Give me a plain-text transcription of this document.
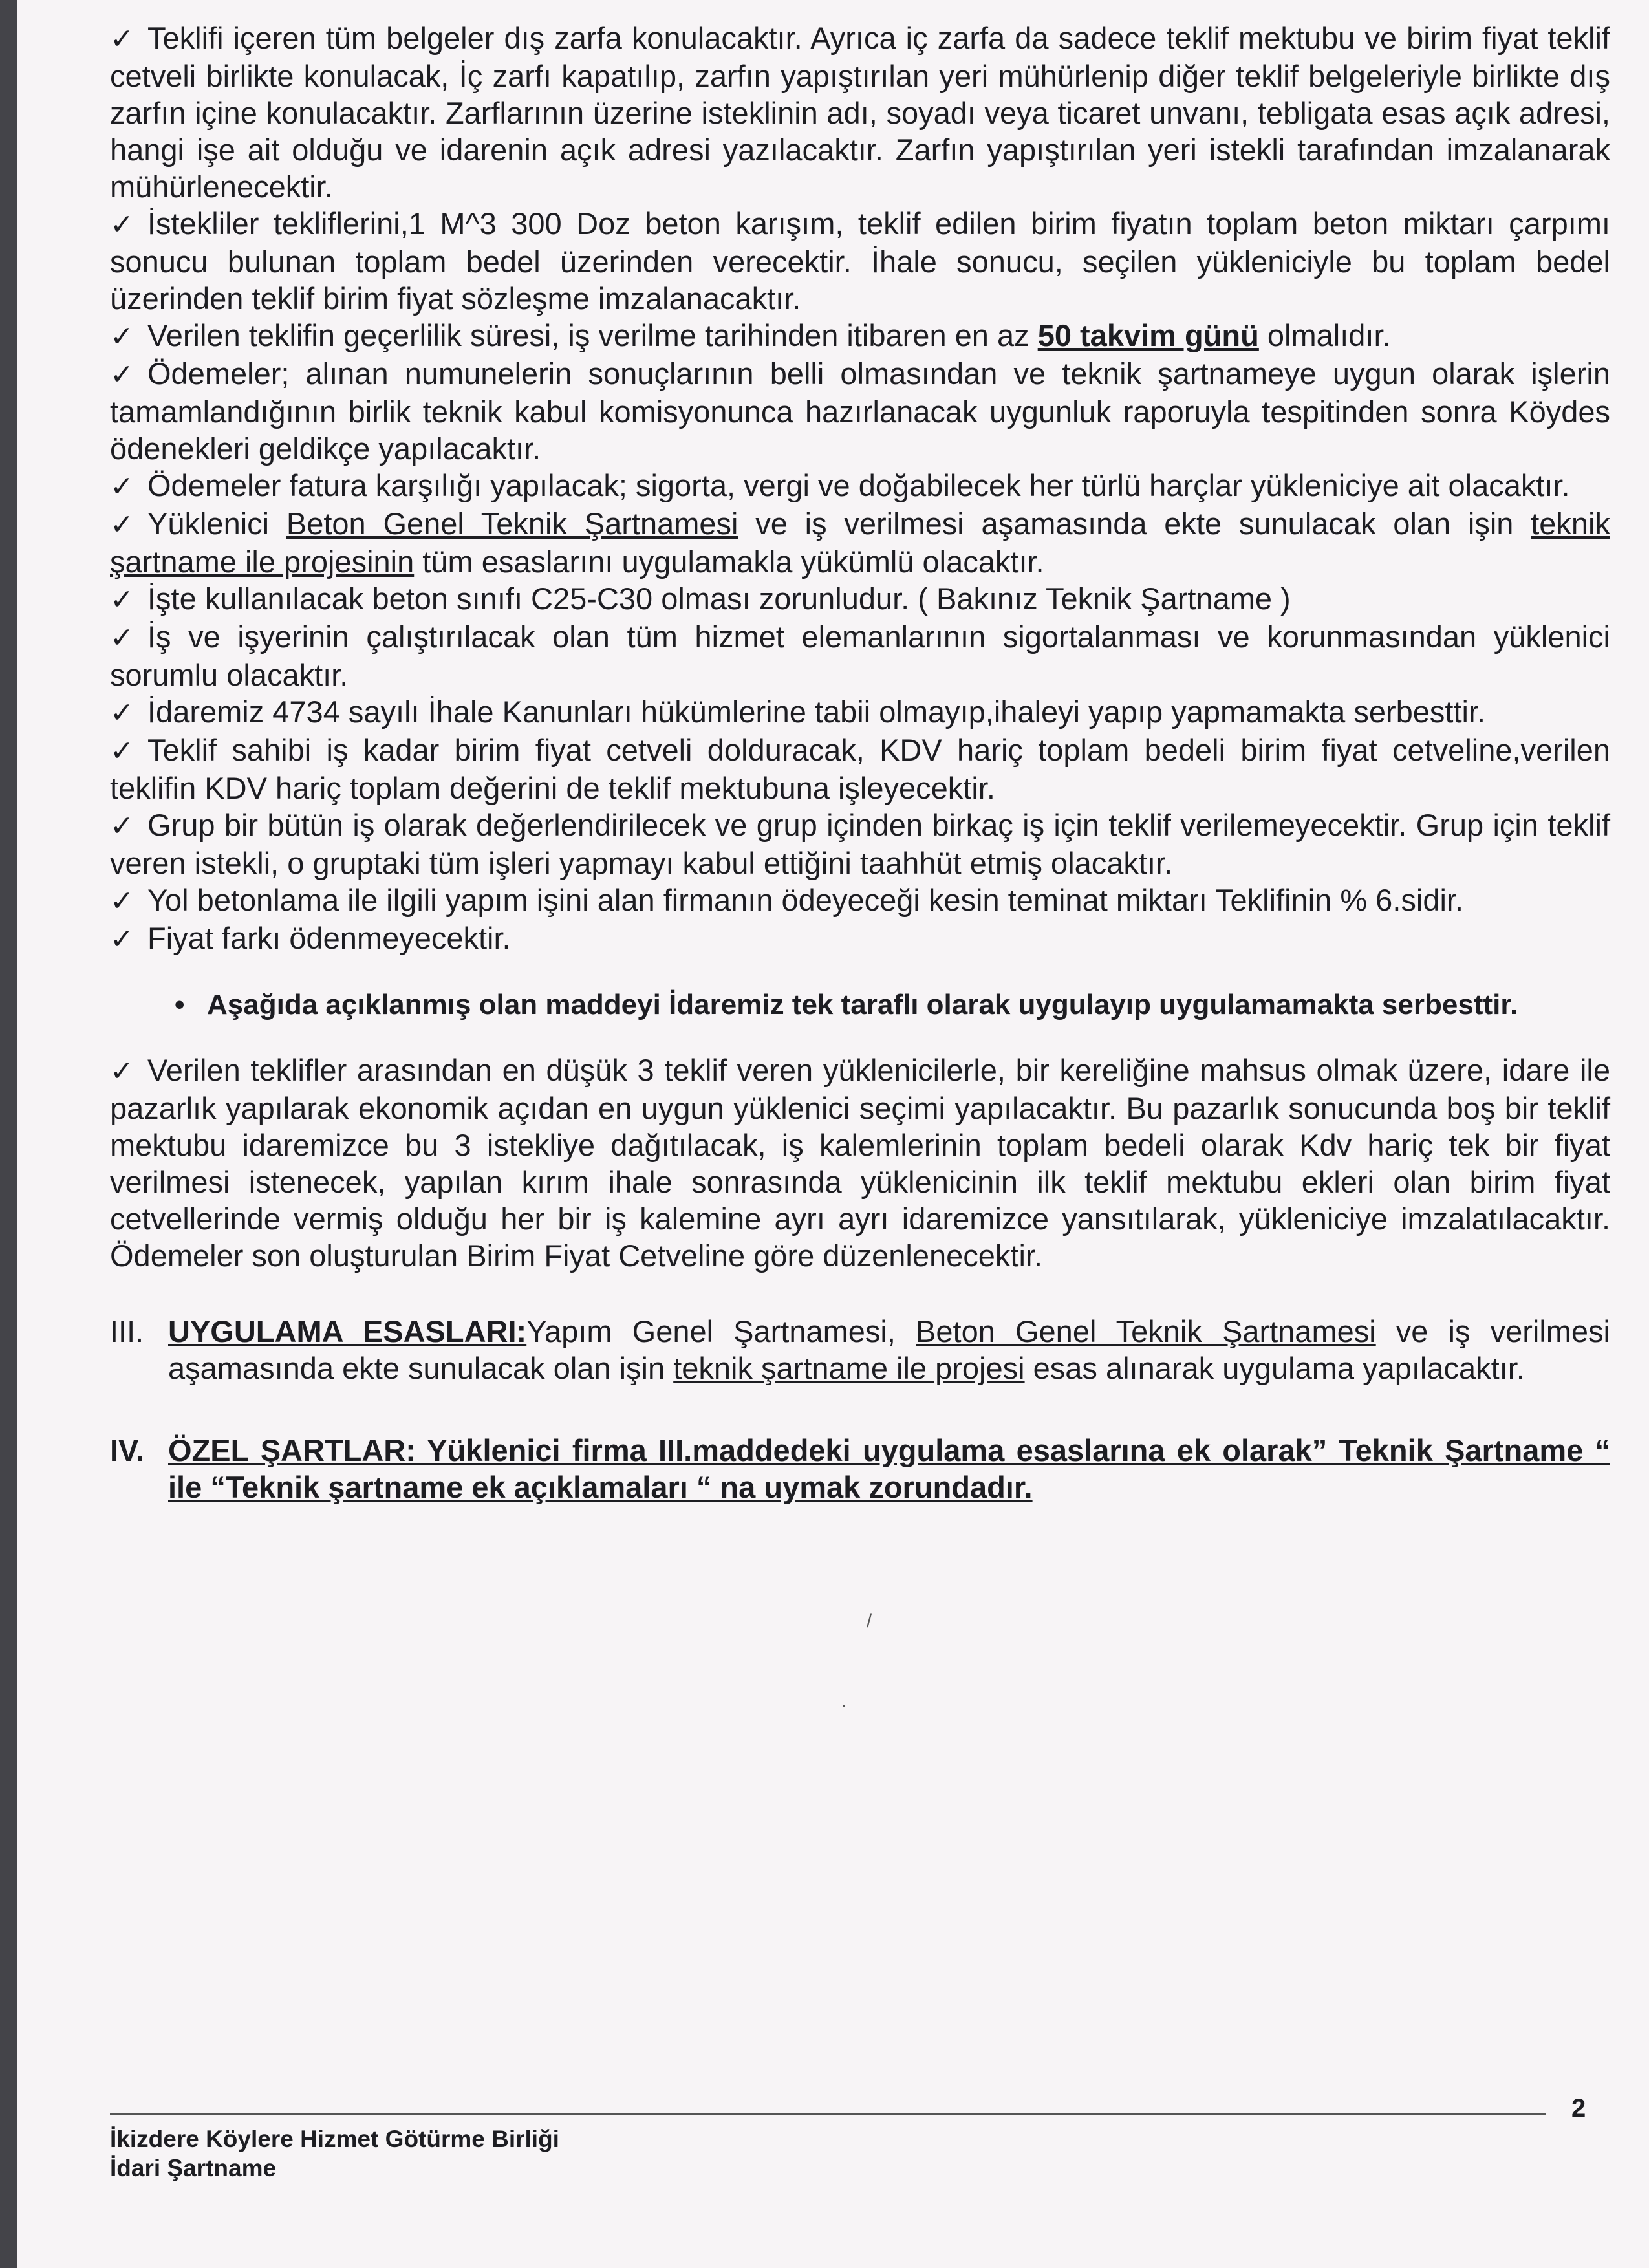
✓ Teklifi içeren tüm belgeler dış zarfa konulacaktır. Ayrıca iç zarfa da sadece teklif mektubu ve birim fiyat teklif cetveli birlikte konulacak, İç zarfı kapatılıp, zarfın yapıştırılan yeri mühürlenip diğer teklif belgeleriyle birlikte dış zarfın içine konulacaktır. Zarflarının üzerine isteklinin adı, soyadı veya ticaret unvanı, tebligata esas açık adresi, hangi işe ait olduğu ve idarenin açık adresi yazılacaktır. Zarfın yapıştırılan yeri istekli tarafından imzalanarak mühürlenecektir.

✓ İstekliler tekliflerini,1 M^3 300 Doz beton karışım, teklif edilen birim fiyatın toplam beton miktarı çarpımı sonucu bulunan toplam bedel üzerinden verecektir. İhale sonucu, seçilen yükleniciyle bu toplam bedel üzerinden teklif birim fiyat sözleşme imzalanacaktır.

✓ Verilen teklifin geçerlilik süresi, iş verilme tarihinden itibaren en az 50 takvim günü olmalıdır.

✓ Ödemeler; alınan numunelerin sonuçlarının belli olmasından ve teknik şartnameye uygun olarak işlerin tamamlandığının birlik teknik kabul komisyonunca hazırlanacak uygunluk raporuyla tespitinden sonra Köydes ödenekleri geldikçe yapılacaktır.

✓ Ödemeler fatura karşılığı yapılacak; sigorta, vergi ve doğabilecek her türlü harçlar yükleniciye ait olacaktır.

✓ Yüklenici Beton Genel Teknik Şartnamesi ve iş verilmesi aşamasında ekte sunulacak olan işin teknik şartname ile projesinin tüm esaslarını uygulamakla yükümlü olacaktır.

✓ İşte kullanılacak beton sınıfı C25-C30 olması zorunludur. ( Bakınız Teknik Şartname )

✓ İş ve işyerinin çalıştırılacak olan tüm hizmet elemanlarının sigortalanması ve korunmasından yüklenici sorumlu olacaktır.

✓ İdaremiz 4734 sayılı İhale Kanunları hükümlerine tabii olmayıp,ihaleyi yapıp yapmamakta serbesttir.

✓ Teklif sahibi iş kadar birim fiyat cetveli dolduracak, KDV hariç toplam bedeli birim fiyat cetveline,verilen teklifin KDV hariç toplam değerini de teklif mektubuna işleyecektir.

✓ Grup bir bütün iş olarak değerlendirilecek ve grup içinden birkaç iş için teklif verilemeyecektir. Grup için teklif veren istekli, o gruptaki tüm işleri yapmayı kabul ettiğini taahhüt etmiş olacaktır.

✓ Yol betonlama ile ilgili yapım işini alan firmanın ödeyeceği kesin teminat miktarı Teklifinin % 6.sidir.

✓ Fiyat farkı ödenmeyecektir.

• Aşağıda açıklanmış olan maddeyi İdaremiz tek taraflı olarak uygulayıp uygulamamakta serbesttir.

✓ Verilen teklifler arasından en düşük 3 teklif veren yüklenicilerle, bir kereliğine mahsus olmak üzere, idare ile pazarlık yapılarak ekonomik açıdan en uygun yüklenici seçimi yapılacaktır. Bu pazarlık sonucunda boş bir teklif mektubu idaremizce bu 3 istekliye dağıtılacak, iş kalemlerinin toplam bedeli olarak Kdv hariç tek bir fiyat verilmesi istenecek, yapılan kırım ihale sonrasında yüklenicinin ilk teklif mektubu ekleri olan birim fiyat cetvellerinde vermiş olduğu her bir iş kalemine ayrı ayrı idaremizce yansıtılarak, yükleniciye imzalatılacaktır. Ödemeler son oluşturulan Birim Fiyat Cetveline göre düzenlenecektir.

III. UYGULAMA ESASLARI:Yapım Genel Şartnamesi, Beton Genel Teknik Şartnamesi ve iş verilmesi aşamasında ekte sunulacak olan işin teknik şartname ile projesi esas alınarak uygulama yapılacaktır.
IV. ÖZEL ŞARTLAR: Yüklenici firma III.maddedeki uygulama esaslarına ek olarak” Teknik Şartname “ ile “Teknik şartname ek açıklamaları “ na uymak zorundadır.
/
·
2
İkizdere Köylere Hizmet Götürme Birliği
İdari Şartname
